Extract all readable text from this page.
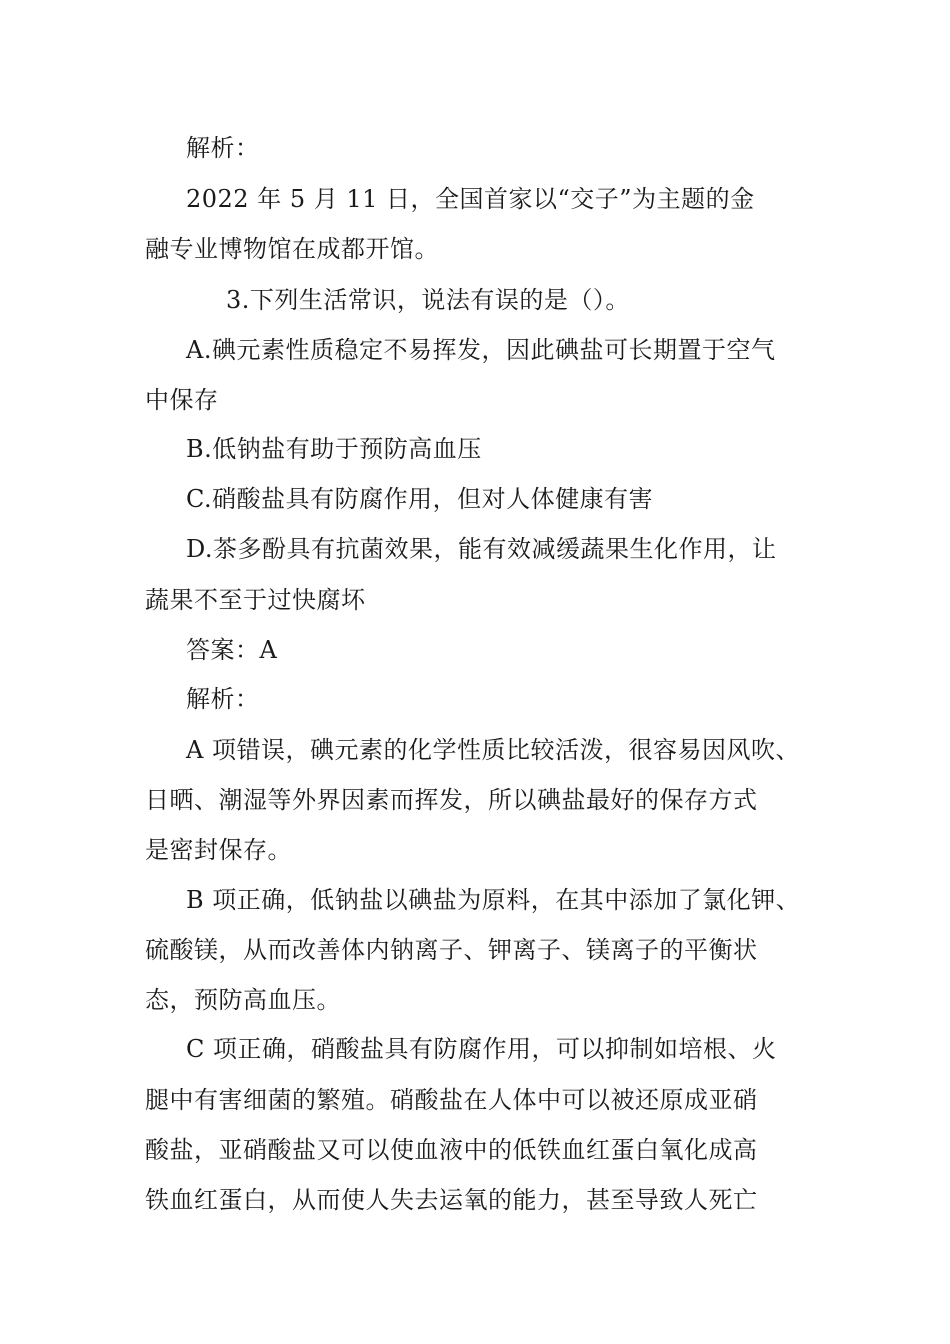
解析：
2022 年 5 月 11 日，全国首家以“交子”为主题的金
融专业博物馆在成都开馆。
3.下列生活常识，说法有误的是（）。
A.碘元素性质稳定不易挥发，因此碘盐可长期置于空气
中保存
B.低钠盐有助于预防高血压
C.硝酸盐具有防腐作用，但对人体健康有害
D.茶多酚具有抗菌效果，能有效减缓蔬果生化作用，让
蔬果不至于过快腐坏
答案：A
解析：
A 项错误，碘元素的化学性质比较活泼，很容易因风吹、
日晒、潮湿等外界因素而挥发，所以碘盐最好的保存方式
是密封保存。
B 项正确，低钠盐以碘盐为原料，在其中添加了氯化钾、
硫酸镁，从而改善体内钠离子、钾离子、镁离子的平衡状
态，预防高血压。
C 项正确，硝酸盐具有防腐作用，可以抑制如培根、火
腿中有害细菌的繁殖。硝酸盐在人体中可以被还原成亚硝
酸盐，亚硝酸盐又可以使血液中的低铁血红蛋白氧化成高
铁血红蛋白，从而使人失去运氧的能力，甚至导致人死亡
